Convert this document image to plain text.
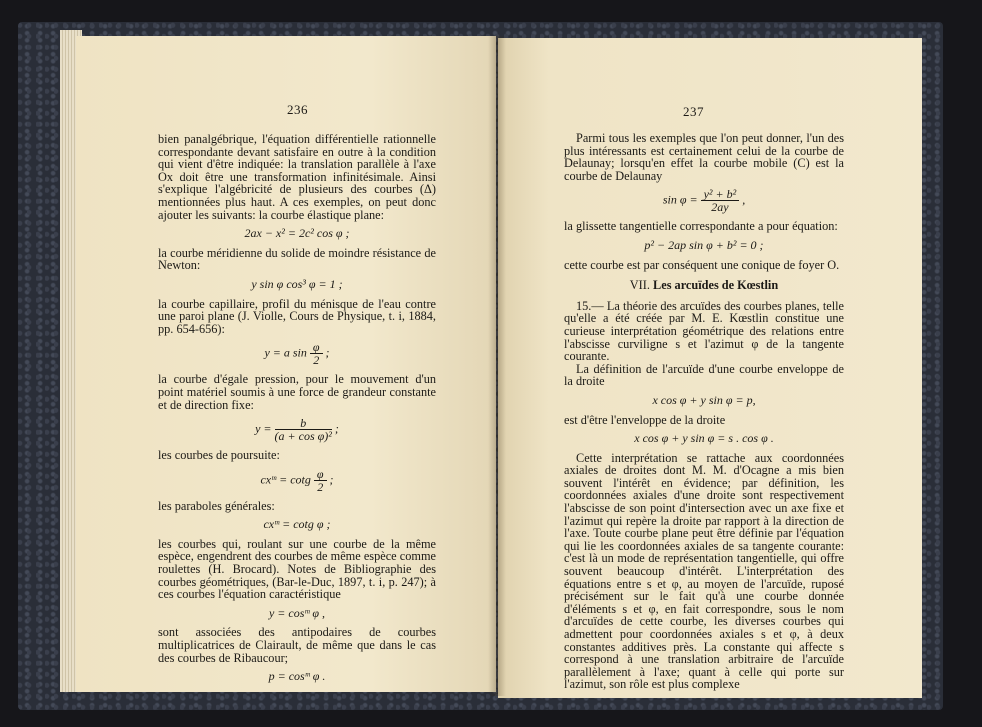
236

bien panalgébrique, l'équation différentielle rationnelle correspondante devant satisfaire en outre à la condition qui vient d'être indiquée: la translation parallèle à l'axe Ox doit être une transformation infinitésimale. Ainsi s'explique l'algébricité de plusieurs des courbes (Δ) mentionnées plus haut. A ces exemples, on peut donc ajouter les suivants: la courbe élastique plane:

2ax − x² = 2c² cos φ ;

la courbe méridienne du solide de moindre résistance de Newton:

y sin φ cos³ φ = 1 ;

la courbe capillaire, profil du ménisque de l'eau contre une paroi plane (J. Violle, Cours de Physique, t. i, 1884, pp. 654-656):

y = a $\sin \frac{\varphi}{2}$ ;

la courbe d'égale pression, pour le mouvement d'un point matériel soumis à une force de grandeur constante et de direction fixe:

$y = \frac{b}{\text{(a + cos φ)²}}$ ;

les courbes de poursuite:

cxᵐ = cotg $\frac{\varphi}{2}$ ;

les paraboles générales:

cxᵐ = cotg φ ;

les courbes qui, roulant sur une courbe de la même espèce, engendrent des courbes de même espèce comme roulettes (H. Brocard). Notes de Bibliographie des courbes géométriques, (Bar-le-Duc, 1897, t. i, p. 247); à ces courbes l'équation caractéristique

y = cosᵐ φ ,

sont associées des antipodaires de courbes multiplicatrices de Clairault, de même que dans le cas des courbes de Ribaucour;

p = cosᵐ φ .
237

Parmi tous les exemples que l'on peut donner, l'un des plus intéressants est certainement celui de la courbe de Delaunay; lorsqu'en effet la courbe mobile (C) est la courbe de Delaunay

$\sin \varphi = \frac{\text{y² + b²}}{2ay}$ ,

la glissette tangentielle correspondante a pour équation:

p² − 2ap sin φ + b² = 0 ;

cette courbe est par conséquent une conique de foyer O.

VII. Les arcuïdes de Kœstlin

15.— La théorie des arcuïdes des courbes planes, telle qu'elle a été créée par M. E. Kœstlin constitue une curieuse interprétation géométrique des relations entre l'abscisse curviligne s et l'azimut φ de la tangente courante.

La définition de l'arcuïde d'une courbe enveloppe de la droite

x cos φ + y sin φ = p,

est d'être l'enveloppe de la droite

x cos φ + y sin φ = s . cos φ .

Cette interprétation se rattache aux coordonnées axiales de droites dont M. M. d'Ocagne a mis bien souvent l'intérêt en évidence; par définition, les coordonnées axiales d'une droite sont respectivement l'abscisse de son point d'intersection avec un axe fixe et l'azimut qui repère la droite par rapport à la direction de l'axe. Toute courbe plane peut être définie par l'équation qui lie les coordonnées axiales de sa tangente courante: c'est là un mode de représentation tangentielle, qui offre souvent beaucoup d'intérêt. L'interprétation des équations entre s et φ, au moyen de l'arcuïde, ruposé précisément sur le fait qu'à une courbe donnée d'éléments s et φ, en fait correspondre, sous le nom d'arcuïdes de cette courbe, les diverses courbes qui admettent pour coordonnées axiales s et φ, à deux constantes additives près. La constante qui affecte s correspond à une translation arbitraire de l'arcuïde parallèlement à l'axe; quant à celle qui porte sur l'azimut, son rôle est plus complexe
